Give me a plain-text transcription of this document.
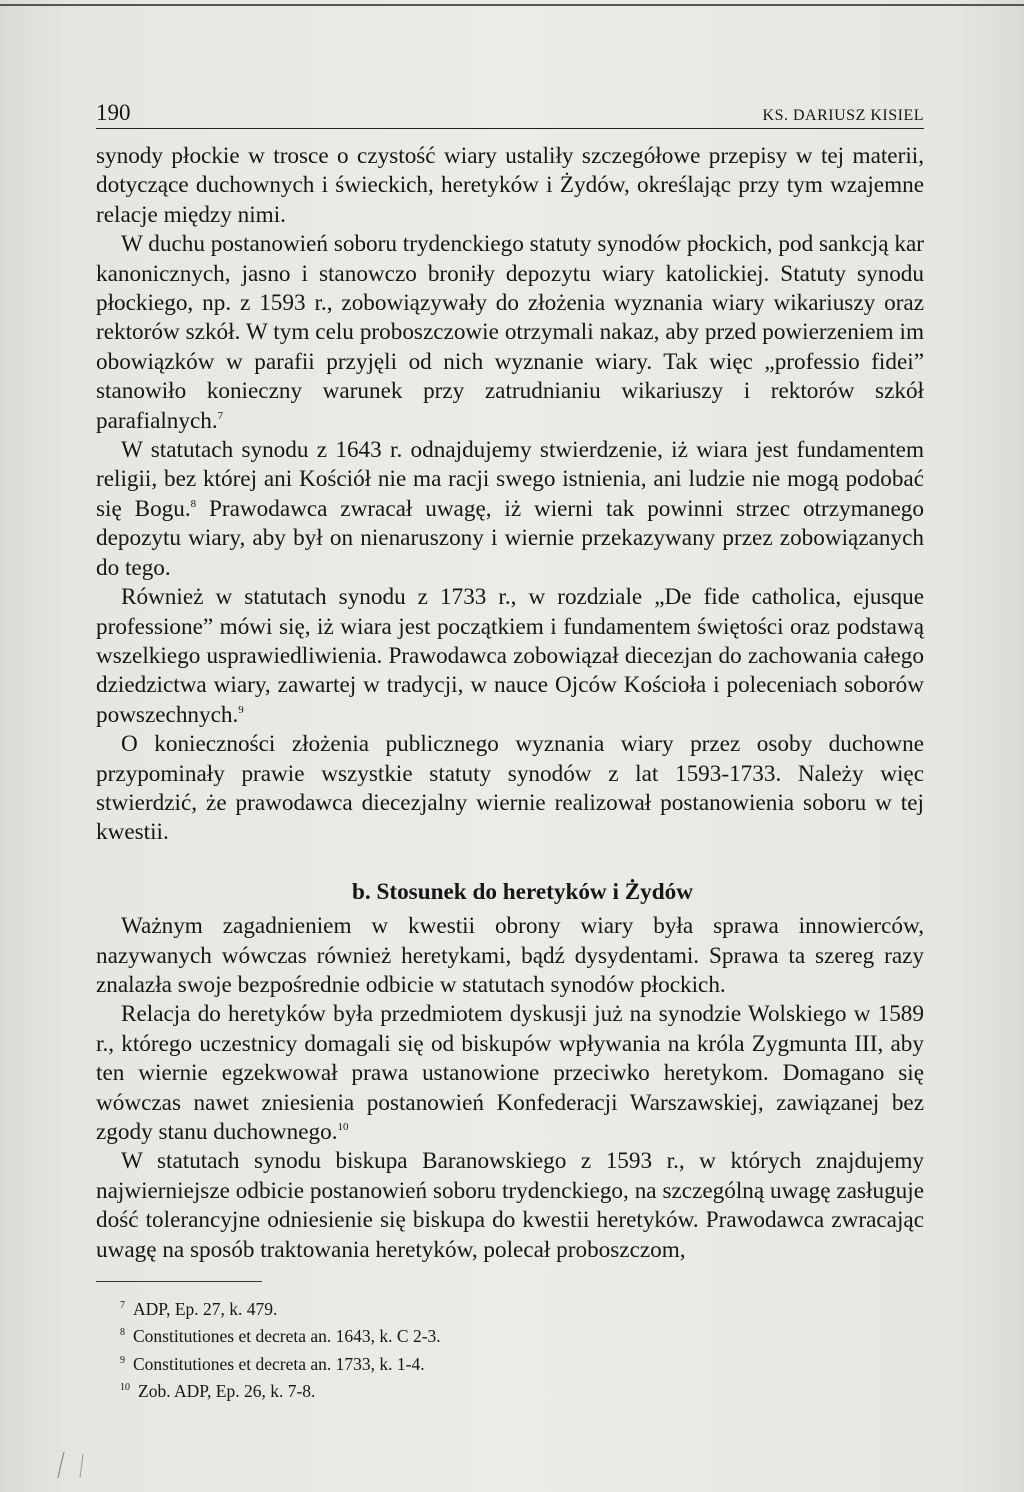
190	KS. DARIUSZ KISIEL

synody płockie w trosce o czystość wiary ustaliły szczegółowe przepisy w tej materii, dotyczące duchownych i świeckich, heretyków i Żydów, określając przy tym wzajemne relacje między nimi.

W duchu postanowień soboru trydenckiego statuty synodów płockich, pod sankcją kar kanonicznych, jasno i stanowczo broniły depozytu wiary katolickiej. Statuty synodu płockiego, np. z 1593 r., zobowiązywały do złożenia wyznania wiary wikariuszy oraz rektorów szkół. W tym celu proboszczowie otrzymali nakaz, aby przed powierzeniem im obowiązków w parafii przyjęli od nich wyznanie wiary. Tak więc „professio fidei” stanowiło konieczny warunek przy zatrudnianiu wikariuszy i rektorów szkół parafialnych.$^7$

W statutach synodu z 1643 r. odnajdujemy stwierdzenie, iż wiara jest fundamentem religii, bez której ani Kościół nie ma racji swego istnienia, ani ludzie nie mogą podobać się Bogu.$^8$ Prawodawca zwracał uwagę, iż wierni tak powinni strzec otrzymanego depozytu wiary, aby był on nienaruszony i wiernie przekazywany przez zobowiązanych do tego.

Również w statutach synodu z 1733 r., w rozdziale „De fide catholica, ejusque professione” mówi się, iż wiara jest początkiem i fundamentem świętości oraz podstawą wszelkiego usprawiedliwienia. Prawodawca zobowiązał diecezjan do zachowania całego dziedzictwa wiary, zawartej w tradycji, w nauce Ojców Kościoła i poleceniach soborów powszechnych.$^9$

O konieczności złożenia publicznego wyznania wiary przez osoby duchowne przypominały prawie wszystkie statuty synodów z lat 1593-1733. Należy więc stwierdzić, że prawodawca diecezjalny wiernie realizował postanowienia soboru w tej kwestii.

b. Stosunek do heretyków i Żydów

Ważnym zagadnieniem w kwestii obrony wiary była sprawa innowierców, nazywanych wówczas również heretykami, bądź dysydentami. Sprawa ta szereg razy znalazła swoje bezpośrednie odbicie w statutach synodów płockich.

Relacja do heretyków była przedmiotem dyskusji już na synodzie Wolskiego w 1589 r., którego uczestnicy domagali się od biskupów wpływania na króla Zygmunta III, aby ten wiernie egzekwował prawa ustanowione przeciwko heretykom. Domagano się wówczas nawet zniesienia postanowień Konfederacji Warszawskiej, zawiązanej bez zgody stanu duchownego.$^{10}$

W statutach synodu biskupa Baranowskiego z 1593 r., w których znajdujemy najwierniejsze odbicie postanowień soboru trydenckiego, na szczególną uwagę zasługuje dość tolerancyjne odniesienie się biskupa do kwestii heretyków. Prawodawca zwracając uwagę na sposób traktowania heretyków, polecał proboszczom,

$^7$ ADP, Ep. 27, k. 479.
$^8$ Constitutiones et decreta an. 1643, k. C 2-3.
$^9$ Constitutiones et decreta an. 1733, k. 1-4.
$^{10}$ Zob. ADP, Ep. 26, k. 7-8.
